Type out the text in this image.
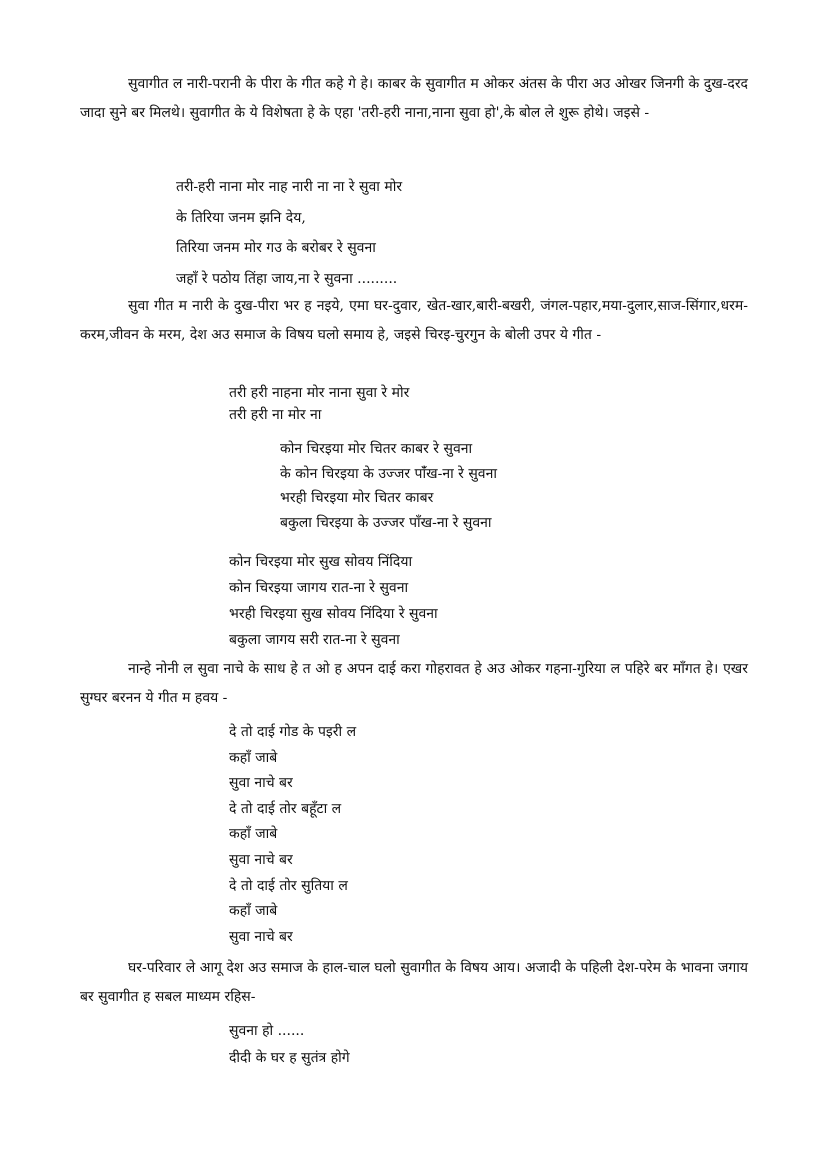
सुवागीत ल नारी-परानी के पीरा के गीत कहे गे हे। काबर के सुवागीत म ओकर अंतस के पीरा अउ ओखर जिनगी के दुख-दरद जादा सुने बर मिलथे। सुवागीत के ये विशेषता हे के एहा 'तरी-हरी नाना,नाना सुवा हो',के बोल ले शुरू होथे। जइसे -

तरी-हरी नाना मोर नाह नारी ना ना रे सुवा मोर
के तिरिया जनम झनि देय,
तिरिया जनम मोर गउ के बरोबर रे सुवना
जहाँ रे पठोय तिंहा जाय,ना रे सुवना .........

सुवा गीत म नारी के दुख-पीरा भर ह नइये, एमा घर-दुवार, खेत-खार,बारी-बखरी, जंगल-पहार,मया-दुलार,साज-सिंगार,धरम-करम,जीवन के मरम, देश अउ समाज के विषय घलो समाय हे, जइसे चिरइ-चुरगुन के बोली उपर ये गीत -

तरी हरी नाहना मोर नाना सुवा रे मोर
तरी हरी ना मोर ना
कोन चिरइया मोर चितर काबर रे सुवना
के कोन चिरइया के उज्जर पांँख-ना रे सुवना
भरही चिरइया मोर चितर काबर
बकुला चिरइया के उज्जर पाँख-ना रे सुवना
कोन चिरइया मोर सुख सोवय निंदिया
कोन चिरइया जागय रात-ना रे सुवना
भरही चिरइया सुख सोवय निंदिया रे सुवना
बकुला जागय सरी रात-ना रे सुवना

नान्हे नोनी ल सुवा नाचे के साध हे त ओ ह अपन दाई करा गोहरावत हे अउ ओकर गहना-गुरिया ल पहिरे बर माँगत हे। एखर सुग्घर बरनन ये गीत म हवय -

दे तो दाई गोड के पइरी ल
कहाँ जाबे
सुवा नाचे बर
दे तो दाई तोर बहूँटा ल
कहाँ जाबे
सुवा नाचे बर
दे तो दाई तोर सुतिया ल
कहाँ जाबे
सुवा नाचे बर

घर-परिवार ले आगू देश अउ समाज के हाल-चाल घलो सुवागीत के विषय आय। अजादी के पहिली देश-परेम के भावना जगाय बर सुवागीत ह सबल माध्यम रहिस-

सुवना हो ......
दीदी के घर ह सुतंत्र होगे
